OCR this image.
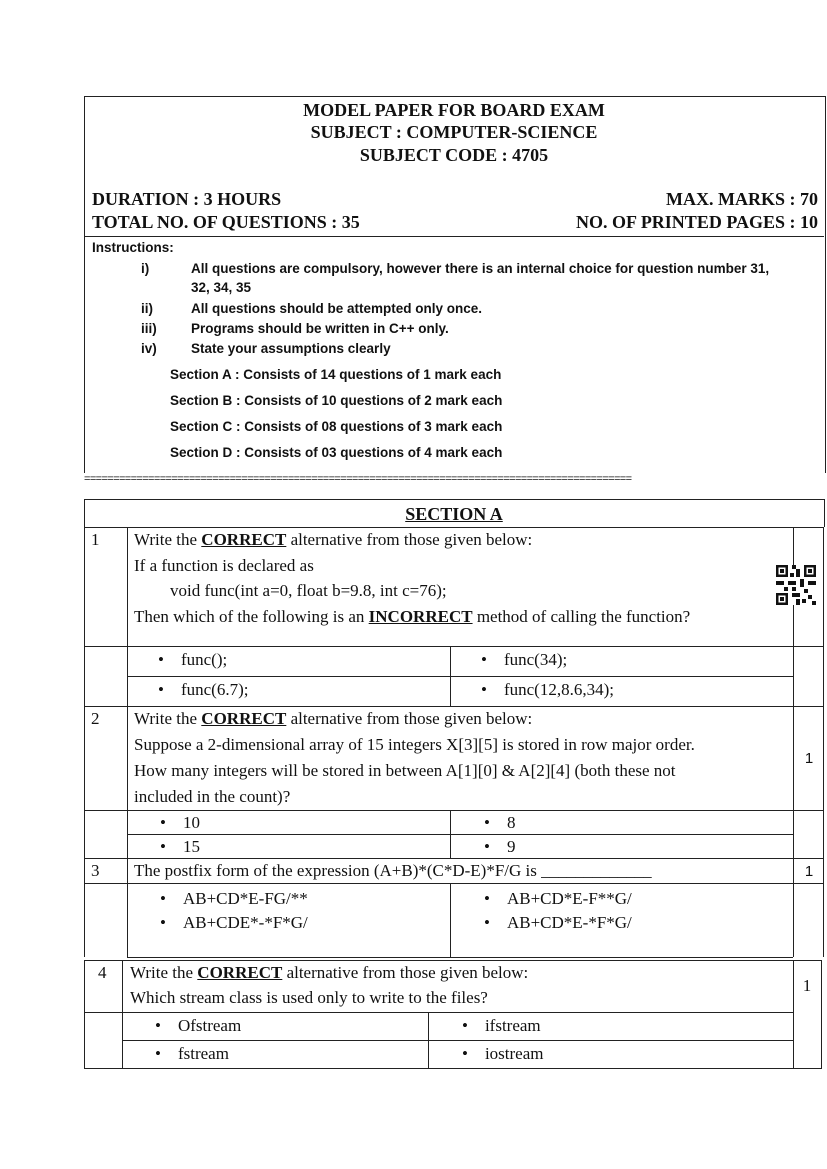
MODEL PAPER FOR BOARD EXAM
SUBJECT : COMPUTER-SCIENCE
SUBJECT CODE : 4705
DURATION : 3 HOURS	MAX. MARKS : 70
TOTAL NO. OF QUESTIONS : 35	NO. OF PRINTED PAGES : 10
Instructions:
i)	All questions are compulsory, however there is an internal choice for question number 31,
32, 34, 35
ii)	All questions should be attempted only once.
iii)	Programs should be written in C++ only.
iv)	State your assumptions clearly
Section A : Consists of 14 questions of 1 mark each
Section B : Consists of 10 questions of 2 mark each
Section C : Consists of 08 questions of 3 mark each
Section D : Consists of 03 questions of 4 mark each
==============================================================================================
SECTION A
1 Write the CORRECT alternative from those given below:
If a function is declared as
void func(int a=0, float b=9.8, int c=76);
Then which of the following is an INCORRECT method of calling the function?
•    func();	•    func(34);
•    func(6.7);	•    func(12,8.6,34);
2 Write the CORRECT alternative from those given below:
Suppose a 2-dimensional array of 15 integers X[3][5] is stored in row major order.
How many integers will be stored in between A[1][0] & A[2][4] (both these not
included in the count)?
1
•    10	•    8
•    15	•    9
3 The postfix form of the expression (A+B)*(C*D-E)*F/G is _____________	1
•    AB+CD*E-FG/**	•    AB+CD*E-F**G/
•    AB+CDE*-*F*G/	•    AB+CD*E-*F*G/
4 Write the CORRECT alternative from those given below:
Which stream class is used only to write to the files?
1
•    Ofstream	•    ifstream
•    fstream	•    iostream
